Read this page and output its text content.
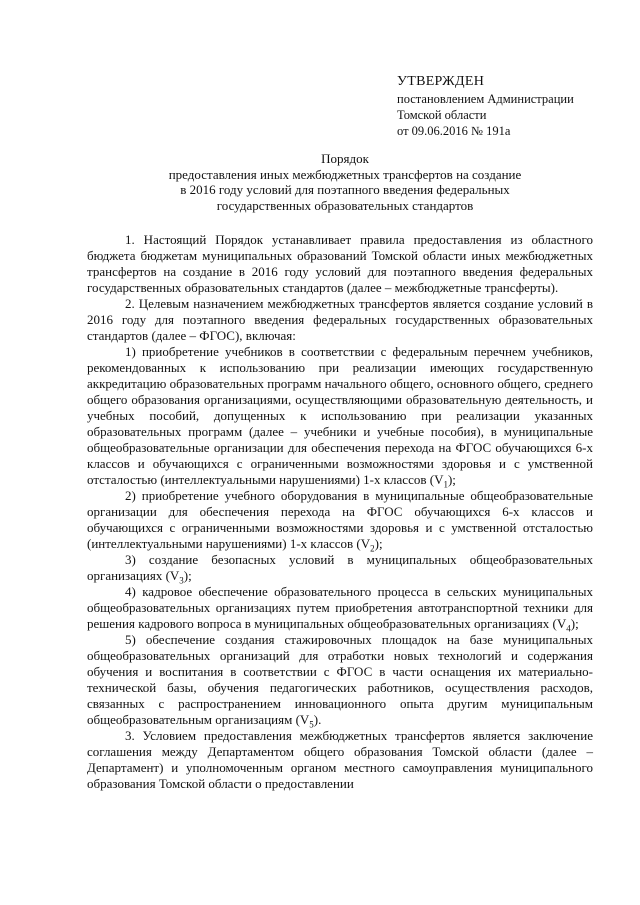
УТВЕРЖДЕН
постановлением Администрации
Томской области
от 09.06.2016 № 191а
Порядок
предоставления иных межбюджетных трансфертов на создание
в 2016 году условий для поэтапного введения федеральных
государственных образовательных стандартов

1. Настоящий Порядок устанавливает правила предоставления из областного бюджета бюджетам муниципальных образований Томской области иных межбюджетных трансфертов на создание в 2016 году условий для поэтапного введения федеральных государственных образовательных стандартов (далее – межбюджетные трансферты).

2. Целевым назначением межбюджетных трансфертов является создание условий в 2016 году для поэтапного введения федеральных государственных образовательных стандартов (далее – ФГОС), включая:

1) приобретение учебников в соответствии с федеральным перечнем учебников, рекомендованных к использованию при реализации имеющих государственную аккредитацию образовательных программ начального общего, основного общего, среднего общего образования организациями, осуществляющими образовательную деятельность, и учебных пособий, допущенных к использованию при реализации указанных образовательных программ (далее – учебники и учебные пособия), в муниципальные общеобразовательные организации для обеспечения перехода на ФГОС обучающихся 6-х классов и обучающихся с ограниченными возможностями здоровья и с умственной отсталостью (интеллектуальными нарушениями) 1-х классов $(V_1)$;

2) приобретение учебного оборудования в муниципальные общеобразовательные организации для обеспечения перехода на ФГОС обучающихся 6-х классов и обучающихся с ограниченными возможностями здоровья и с умственной отсталостью (интеллектуальными нарушениями) 1-х классов $(V_2)$;

3) создание безопасных условий в муниципальных общеобразовательных организациях $(V_3)$;

4) кадровое обеспечение образовательного процесса в сельских муниципальных общеобразовательных организациях путем приобретения автотранспортной техники для решения кадрового вопроса в муниципальных общеобразовательных организациях $(V_4)$;

5) обеспечение создания стажировочных площадок на базе муниципальных общеобразовательных организаций для отработки новых технологий и содержания обучения и воспитания в соответствии с ФГОС в части оснащения их материально-технической базы, обучения педагогических работников, осуществления расходов, связанных с распространением инновационного опыта другим муниципальным общеобразовательным организациям $(V_5)$.

3. Условием предоставления межбюджетных трансфертов является заключение соглашения между Департаментом общего образования Томской области (далее – Департамент) и уполномоченным органом местного самоуправления муниципального образования Томской области о предоставлении
